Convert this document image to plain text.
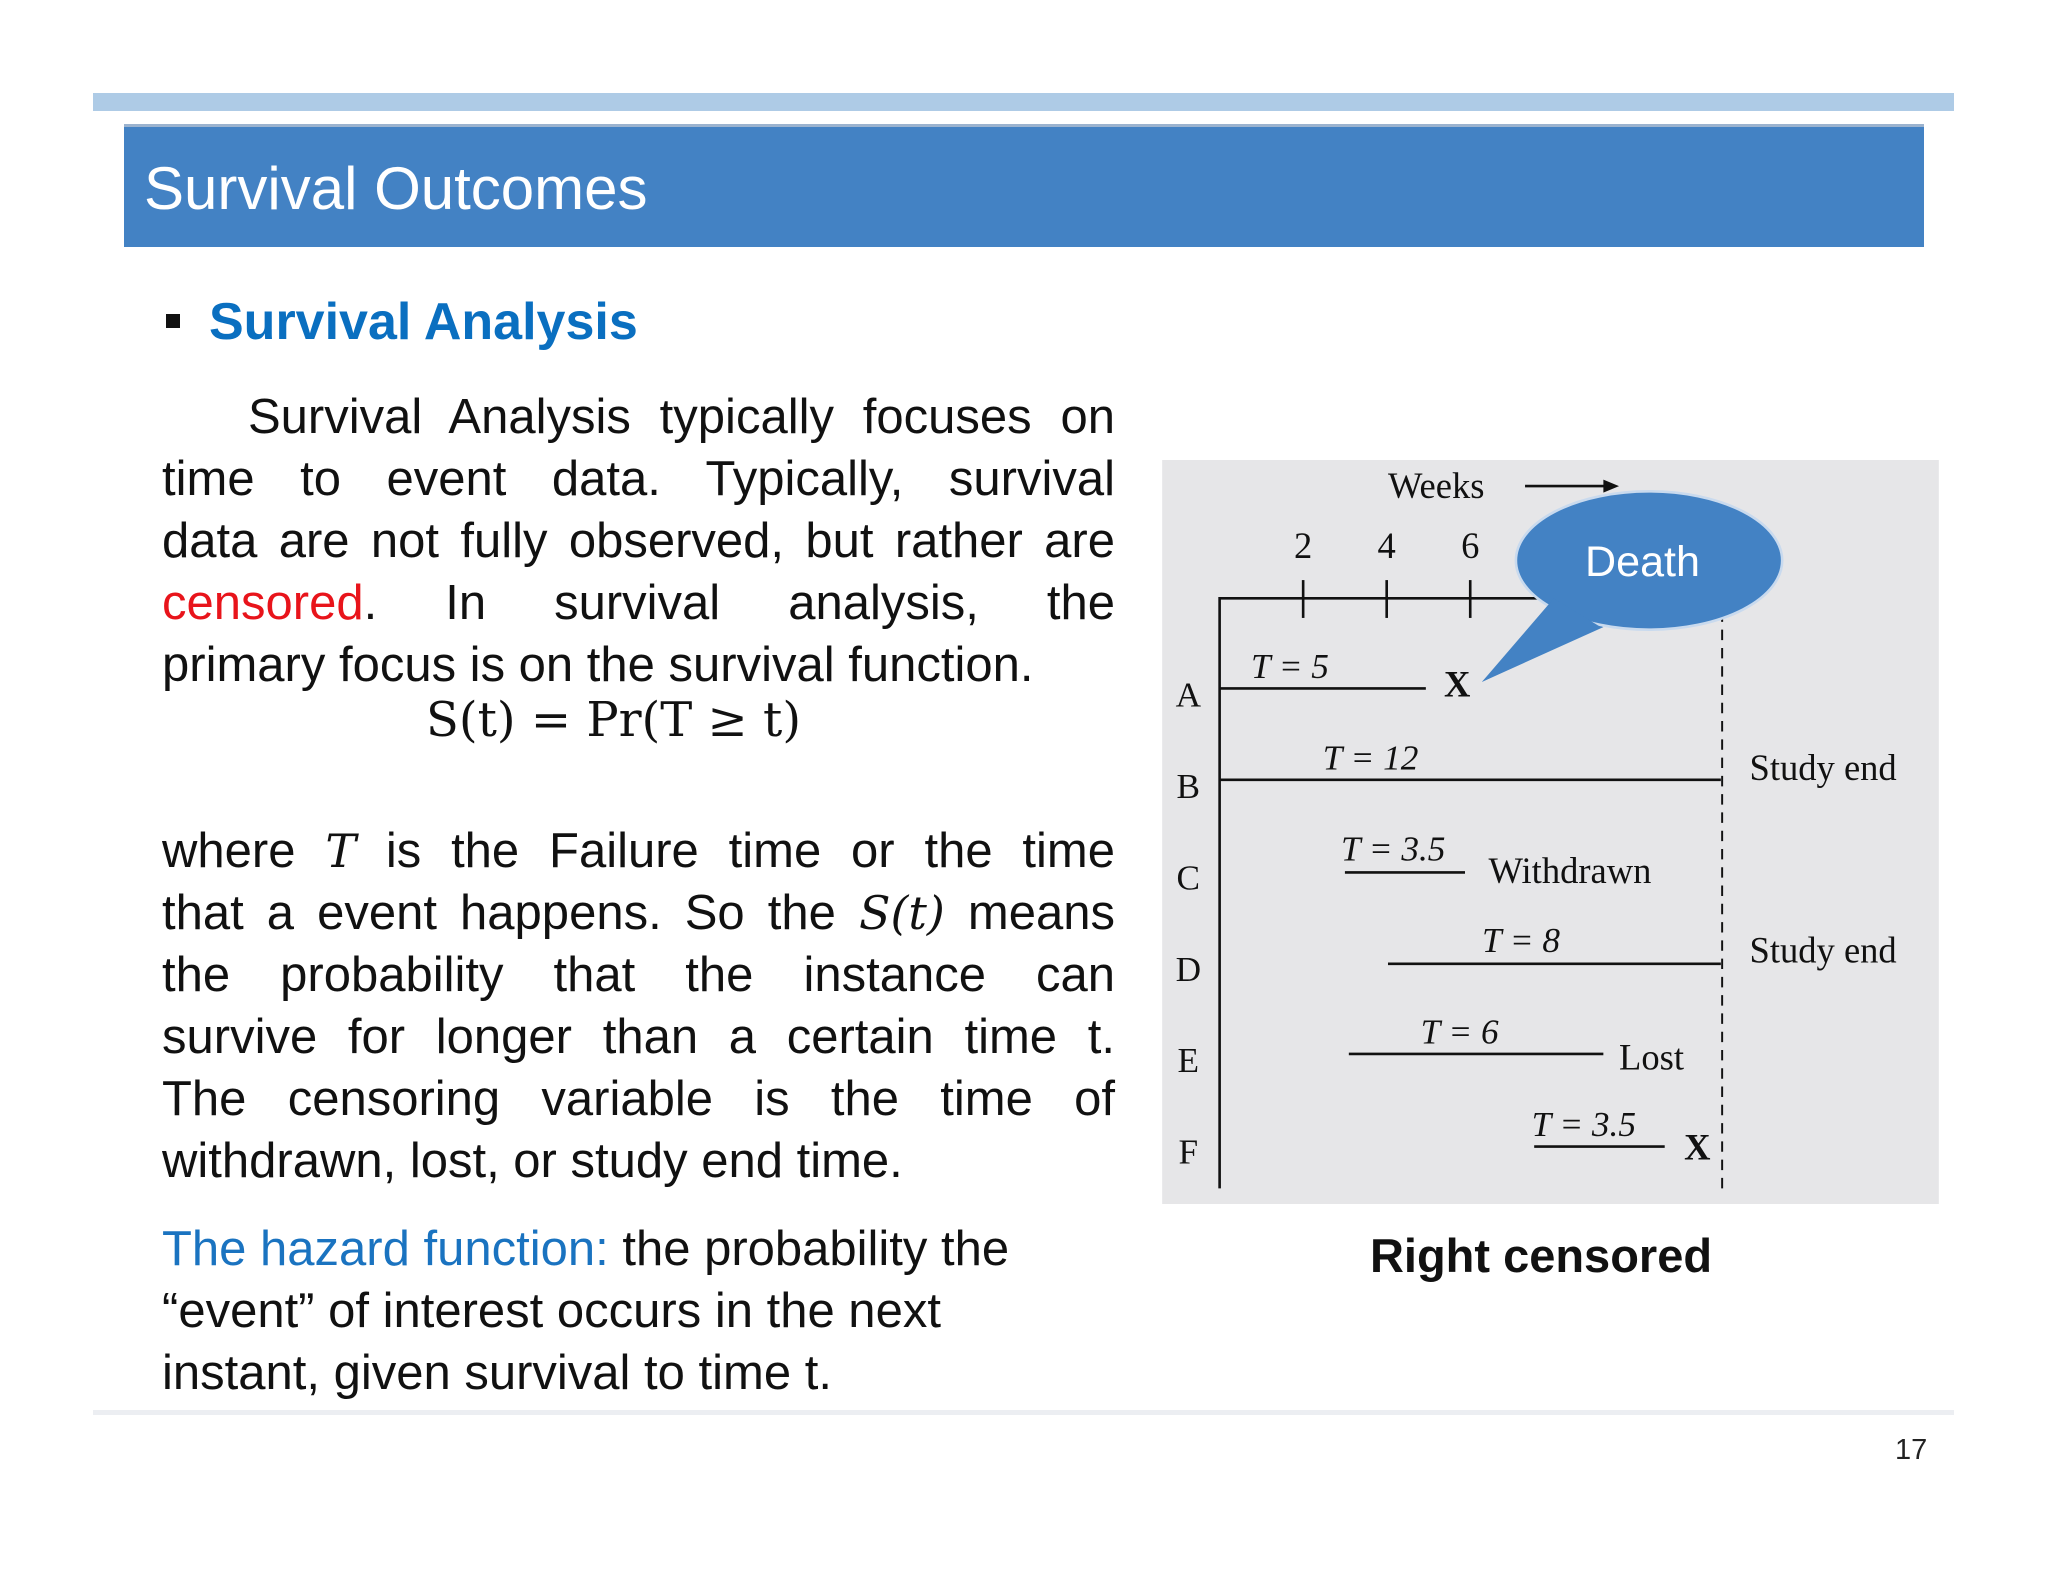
Survival Outcomes
Survival Analysis
Survival Analysis typically focuses on
time to event data. Typically, survival
data are not fully observed, but rather are
censored. In survival analysis, the
primary focus is on the survival function.
S(t) = Pr(T ≥ t)
where T is the Failure time or the time
that a event happens. So the S(t) means
the probability that the instance can
survive for longer than a certain time t.
The censoring variable is the time of
withdrawn, lost, or study end time.
The hazard function: the probability the
“event” of interest occurs in the next
instant, given survival to time t.
Weeks
2 4 6
A
T = 5	X
B
T = 12	Study end
C
T = 3.5
Withdrawn
D
T = 8	Study end
E
T = 6
Lost
F
T = 3.5
X
Death
Right censored
17
